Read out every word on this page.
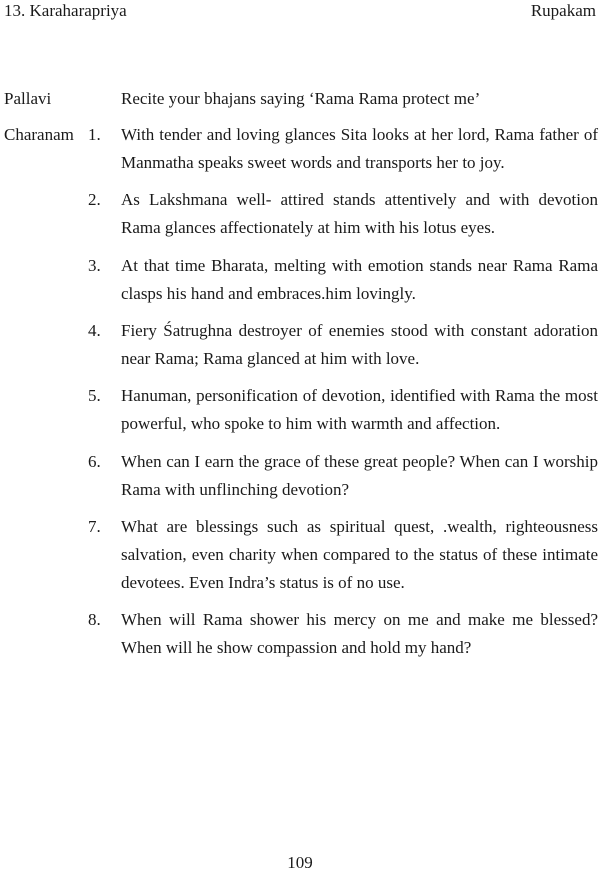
13. Karaharapriya	Rupakam
Pallavi	Recite your bhajans saying ‘Rama Rama protect me’
Charanam 1. With tender and loving glances Sita looks at her lord, Rama father of Manmatha speaks sweet words and transports her to joy.
2. As Lakshmana well- attired stands attentively and with devotion Rama glances affectionately at him with his lotus eyes.
3. At that time Bharata, melting with emotion stands near Rama Rama clasps his hand and embraces.him lovingly.
4. Fiery Śatrughna destroyer of enemies stood with constant adoration near Rama; Rama glanced at him with love.
5. Hanuman, personification of devotion, identified with Rama the most powerful, who spoke to him with warmth and affection.
6. When can I earn the grace of these great people? When can I worship Rama with unflinching devotion?
7. What are blessings such as spiritual quest, .wealth, righteousness salvation, even charity when compared to the status of these intimate devotees. Even Indra’s status is of no use.
8. When will Rama shower his mercy on me and make me blessed? When will he show compassion and hold my hand?
109
